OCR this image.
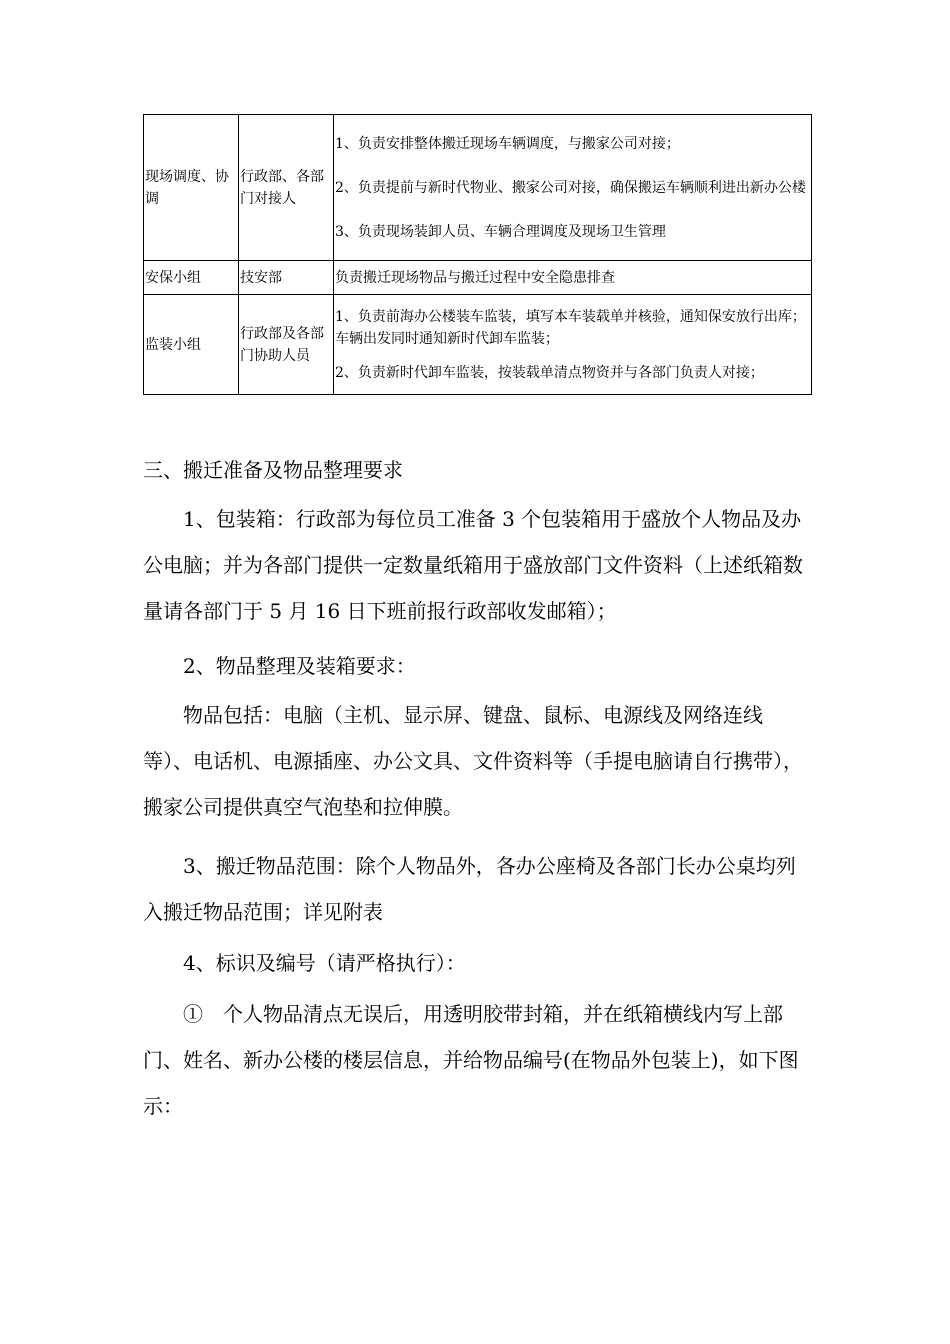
现场调度、协调	行政部、各部门对接人	1、负责安排整体搬迁现场车辆调度，与搬家公司对接；
2、负责提前与新时代物业、搬家公司对接，确保搬运车辆顺利进出新办公楼
3、负责现场装卸人员、车辆合理调度及现场卫生管理

安保小组	技安部	负责搬迁现场物品与搬迁过程中安全隐患排查

监装小组	行政部及各部门协助人员	1、负责前海办公楼装车监装，填写本车装载单并核验，通知保安放行出库；车辆出发同时通知新时代卸车监装；
2、负责新时代卸车监装，按装载单清点物资并与各部门负责人对接；

三、搬迁准备及物品整理要求

1、包装箱：行政部为每位员工准备 3 个包装箱用于盛放个人物品及办公电脑；并为各部门提供一定数量纸箱用于盛放部门文件资料（上述纸箱数量请各部门于 5 月 16 日下班前报行政部收发邮箱）；

2、物品整理及装箱要求：

物品包括：电脑（主机、显示屏、键盘、鼠标、电源线及网络连线等）、电话机、电源插座、办公文具、文件资料等（手提电脑请自行携带），搬家公司提供真空气泡垫和拉伸膜。

3、搬迁物品范围：除个人物品外，各办公座椅及各部门长办公桌均列入搬迁物品范围；详见附表

4、标识及编号（请严格执行）：

①　个人物品清点无误后，用透明胶带封箱，并在纸箱横线内写上部门、姓名、新办公楼的楼层信息，并给物品编号(在物品外包装上)，如下图示：
